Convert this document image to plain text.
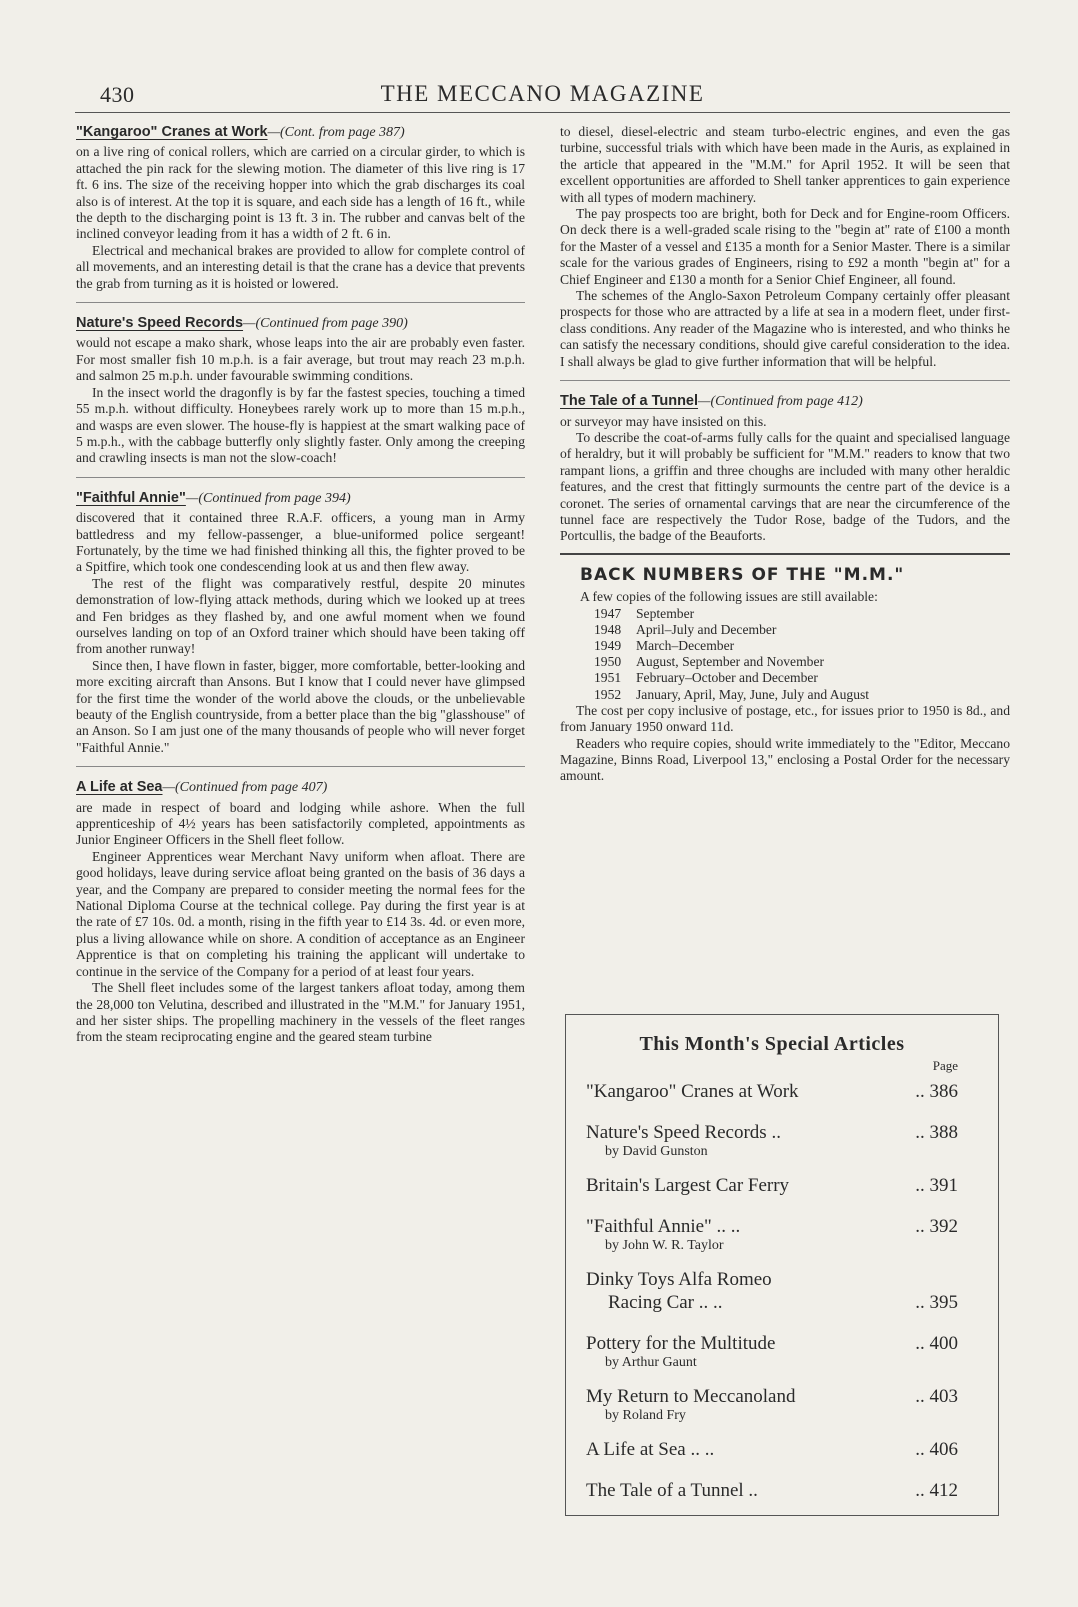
430	THE MECCANO MAGAZINE
"Kangaroo" Cranes at Work—(Cont. from page 387)

on a live ring of conical rollers, which are carried on a circular girder, to which is attached the pin rack for the slewing motion. The diameter of this live ring is 17 ft. 6 ins. The size of the receiving hopper into which the grab discharges its coal also is of interest. At the top it is square, and each side has a length of 16 ft., while the depth to the discharging point is 13 ft. 3 in. The rubber and canvas belt of the inclined conveyor leading from it has a width of 2 ft. 6 in.

Electrical and mechanical brakes are provided to allow for complete control of all movements, and an interesting detail is that the crane has a device that prevents the grab from turning as it is hoisted or lowered.

Nature's Speed Records—(Continued from page 390)

would not escape a mako shark, whose leaps into the air are probably even faster. For most smaller fish 10 m.p.h. is a fair average, but trout may reach 23 m.p.h. and salmon 25 m.p.h. under favourable swimming conditions.

In the insect world the dragonfly is by far the fastest species, touching a timed 55 m.p.h. without difficulty. Honeybees rarely work up to more than 15 m.p.h., and wasps are even slower. The house-fly is happiest at the smart walking pace of 5 m.p.h., with the cabbage butterfly only slightly faster. Only among the creeping and crawling insects is man not the slow-coach!

"Faithful Annie"—(Continued from page 394)

discovered that it contained three R.A.F. officers, a young man in Army battledress and my fellow-passenger, a blue-uniformed police sergeant! Fortunately, by the time we had finished thinking all this, the fighter proved to be a Spitfire, which took one condescending look at us and then flew away.

The rest of the flight was comparatively restful, despite 20 minutes demonstration of low-flying attack methods, during which we looked up at trees and Fen bridges as they flashed by, and one awful moment when we found ourselves landing on top of an Oxford trainer which should have been taking off from another runway!

Since then, I have flown in faster, bigger, more comfortable, better-looking and more exciting aircraft than Ansons. But I know that I could never have glimpsed for the first time the wonder of the world above the clouds, or the unbelievable beauty of the English countryside, from a better place than the big "glasshouse" of an Anson. So I am just one of the many thousands of people who will never forget "Faithful Annie."

A Life at Sea—(Continued from page 407)

are made in respect of board and lodging while ashore. When the full apprenticeship of 4½ years has been satisfactorily completed, appointments as Junior Engineer Officers in the Shell fleet follow.

Engineer Apprentices wear Merchant Navy uniform when afloat. There are good holidays, leave during service afloat being granted on the basis of 36 days a year, and the Company are prepared to consider meeting the normal fees for the National Diploma Course at the technical college. Pay during the first year is at the rate of £7 10s. 0d. a month, rising in the fifth year to £14 3s. 4d. or even more, plus a living allowance while on shore. A condition of acceptance as an Engineer Apprentice is that on completing his training the applicant will undertake to continue in the service of the Company for a period of at least four years.

The Shell fleet includes some of the largest tankers afloat today, among them the 28,000 ton Velutina, described and illustrated in the "M.M." for January 1951, and her sister ships. The propelling machinery in the vessels of the fleet ranges from the steam reciprocating engine and the geared steam turbine

to diesel, diesel-electric and steam turbo-electric engines, and even the gas turbine, successful trials with which have been made in the Auris, as explained in the article that appeared in the "M.M." for April 1952. It will be seen that excellent opportunities are afforded to Shell tanker apprentices to gain experience with all types of modern machinery.

The pay prospects too are bright, both for Deck and for Engine-room Officers. On deck there is a well-graded scale rising to the "begin at" rate of £100 a month for the Master of a vessel and £135 a month for a Senior Master. There is a similar scale for the various grades of Engineers, rising to £92 a month "begin at" for a Chief Engineer and £130 a month for a Senior Chief Engineer, all found.

The schemes of the Anglo-Saxon Petroleum Company certainly offer pleasant prospects for those who are attracted by a life at sea in a modern fleet, under first-class conditions. Any reader of the Magazine who is interested, and who thinks he can satisfy the necessary conditions, should give careful consideration to the idea. I shall always be glad to give further information that will be helpful.

The Tale of a Tunnel—(Continued from page 412)

or surveyor may have insisted on this.

To describe the coat-of-arms fully calls for the quaint and specialised language of heraldry, but it will probably be sufficient for "M.M." readers to know that two rampant lions, a griffin and three choughs are included with many other heraldic features, and the crest that fittingly surmounts the centre part of the device is a coronet. The series of ornamental carvings that are near the circumference of the tunnel face are respectively the Tudor Rose, badge of the Tudors, and the Portcullis, the badge of the Beauforts.

BACK NUMBERS OF THE "M.M."

A few copies of the following issues are still available:

1947	September
1948	April–July and December
1949	March–December
1950	August, September and November
1951	February–October and December
1952	January, April, May, June, July and August

The cost per copy inclusive of postage, etc., for issues prior to 1950 is 8d., and from January 1950 onward 11d.

Readers who require copies, should write immediately to the "Editor, Meccano Magazine, Binns Road, Liverpool 13," enclosing a Postal Order for the necessary amount.

This Month's Special Articles
Page
"Kangaroo" Cranes at Work	.. 386
Nature's Speed Records ..	.. 388
by David Gunston
Britain's Largest Car Ferry	.. 391
"Faithful Annie" .. ..	.. 392
by John W. R. Taylor
Dinky Toys Alfa Romeo
Racing Car .. ..	.. 395
Pottery for the Multitude	.. 400
by Arthur Gaunt
My Return to Meccanoland	.. 403
by Roland Fry
A Life at Sea .. ..	.. 406
The Tale of a Tunnel ..	.. 412
